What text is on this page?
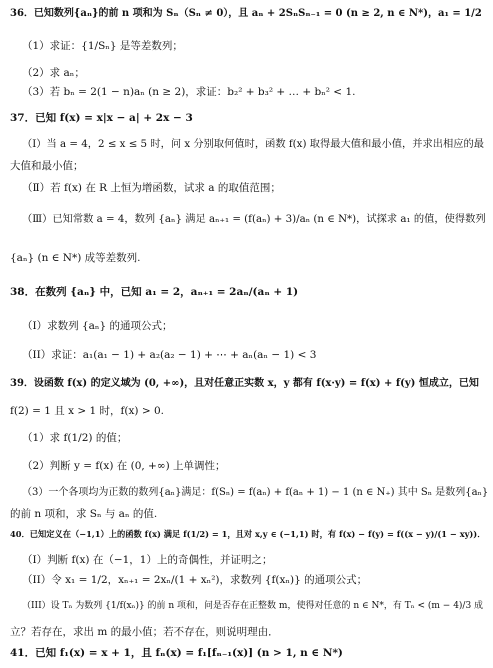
36．已知数列{aₙ}的前 n 项和为 Sₙ（Sₙ ≠ 0），且 aₙ + 2SₙSₙ₋₁ = 0 (n ≥ 2, n ∈ N*)，a₁ = 1/2
（1）求证：{1/Sₙ} 是等差数列；
（2）求 aₙ；
（3）若 bₙ = 2(1 − n)aₙ (n ≥ 2)，求证：b₂² + b₃² + … + bₙ² < 1.
37．已知 f(x) = x|x − a| + 2x − 3
（Ⅰ）当 a = 4，2 ≤ x ≤ 5 时，问 x 分别取何值时，函数 f(x) 取得最大值和最小值，并求出相应的最
大值和最小值；
（Ⅱ）若 f(x) 在 R 上恒为增函数，试求 a 的取值范围；
（Ⅲ）已知常数 a = 4，数列 {aₙ} 满足 aₙ₊₁ = (f(aₙ) + 3)/aₙ (n ∈ N*)，试探求 a₁ 的值，使得数列
{aₙ} (n ∈ N*) 成等差数列.
38．在数列 {aₙ} 中，已知 a₁ = 2，aₙ₊₁ = 2aₙ/(aₙ + 1)
（I）求数列 {aₙ} 的通项公式；
（II）求证：a₁(a₁ − 1) + a₂(a₂ − 1) + ⋯ + aₙ(aₙ − 1) < 3
39．设函数 f(x) 的定义域为 (0, +∞)，且对任意正实数 x，y 都有 f(x·y) = f(x) + f(y) 恒成立，已知
f(2) = 1 且 x > 1 时，f(x) > 0.
（1）求 f(1/2) 的值；
（2）判断 y = f(x) 在 (0, +∞) 上单调性；
（3）一个各项均为正数的数列{aₙ}满足：f(Sₙ) = f(aₙ) + f(aₙ + 1) − 1 (n ∈ N₊) 其中 Sₙ 是数列{aₙ}
的前 n 项和，求 Sₙ 与 aₙ 的值.
40．已知定义在（−1,1）上的函数 f(x) 满足 f(1/2) = 1，且对 x,y ∈ (−1,1) 时，有 f(x) − f(y) = f((x − y)/(1 − xy))．
（I）判断 f(x) 在（−1，1）上的奇偶性，并证明之；
（II）令 x₁ = 1/2，xₙ₊₁ = 2xₙ/(1 + xₙ²)，求数列 {f(xₙ)} 的通项公式；
（III）设 Tₙ 为数列 {1/f(xₙ)} 的前 n 项和，问是否存在正整数 m，使得对任意的 n ∈ N*，有 Tₙ < (m − 4)/3 成
立？若存在，求出 m 的最小值；若不存在，则说明理由．
41．已知 f₁(x) = x + 1，且 fₙ(x) = f₁[fₙ₋₁(x)] (n > 1, n ∈ N*)
